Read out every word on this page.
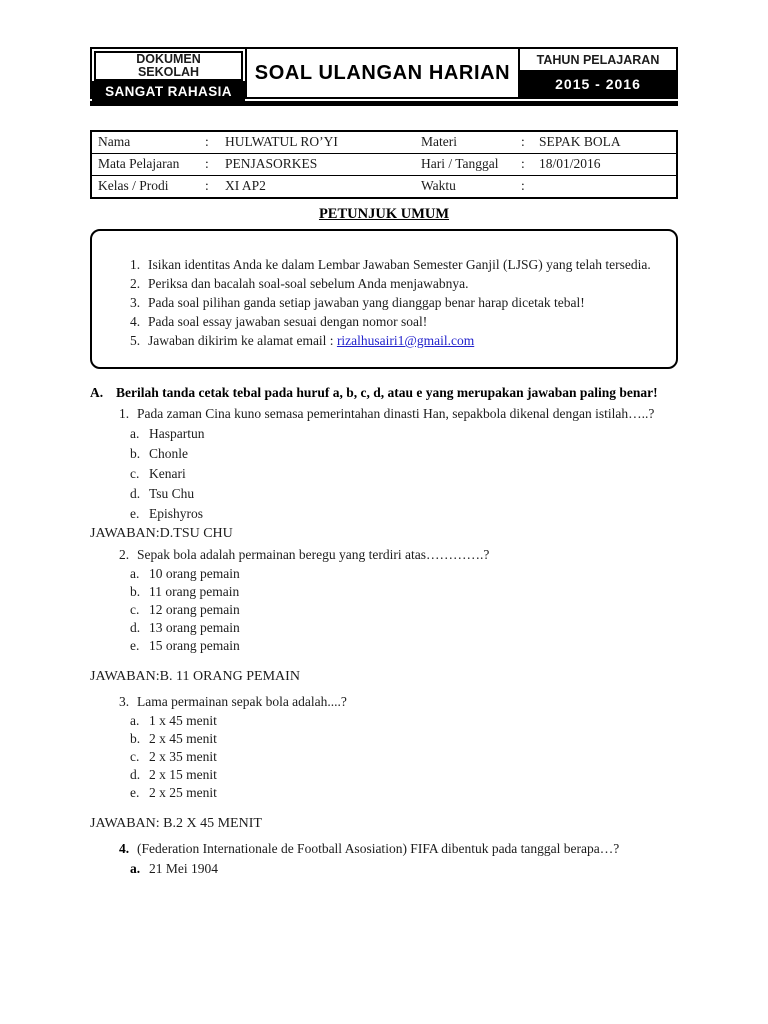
DOKUMEN SEKOLAH
SANGAT RAHASIA
SOAL ULANGAN HARIAN
TAHUN PELAJARAN
2015 - 2016
Nama	:	HULWATUL RO’YI	Materi	:	SEPAK BOLA
Mata Pelajaran	:	PENJASORKES	Hari / Tanggal	:	18/01/2016
Kelas / Prodi	:	XI AP2	Waktu	:	
PETUNJUK UMUM
1. Isikan identitas Anda ke dalam Lembar Jawaban Semester Ganjil (LJSG) yang telah tersedia.
2. Periksa dan bacalah soal-soal sebelum Anda menjawabnya.
3. Pada soal pilihan ganda setiap jawaban yang dianggap benar harap dicetak tebal!
4. Pada soal essay jawaban sesuai dengan nomor soal!
5. Jawaban dikirim ke alamat email : rizalhusairi1@gmail.com
A. Berilah tanda cetak tebal pada huruf a, b, c, d, atau e yang merupakan jawaban paling benar!
1. Pada zaman Cina kuno semasa pemerintahan dinasti Han, sepakbola dikenal dengan istilah…..?
a. Haspartun
b. Chonle
c. Kenari
d. Tsu Chu
e. Epishyros
JAWABAN:D.TSU CHU
2. Sepak bola adalah permainan beregu yang terdiri atas………….?
a. 10 orang pemain
b. 11 orang pemain
c. 12 orang pemain
d. 13 orang pemain
e. 15 orang pemain
JAWABAN:B. 11 ORANG PEMAIN
3. Lama permainan sepak bola adalah....?
a. 1 x 45 menit
b. 2 x 45 menit
c. 2 x 35 menit
d. 2 x 15 menit
e. 2 x 25 menit
JAWABAN: B.2 X 45 MENIT
4. (Federation Internationale de Football Asosiation) FIFA dibentuk pada tanggal berapa…?
a. 21 Mei 1904
